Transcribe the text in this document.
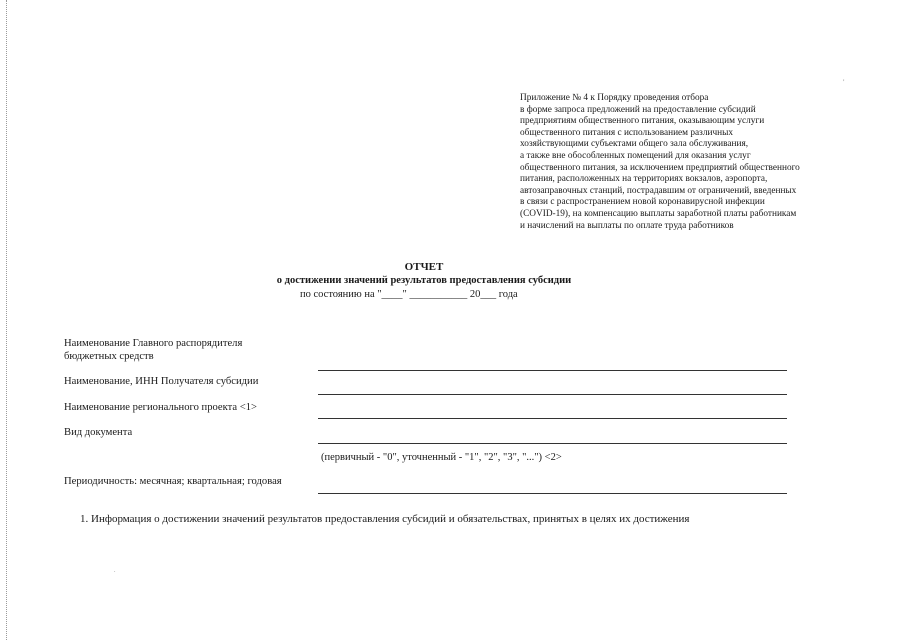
,
.
Приложение № 4 к Порядку проведения отбора
в форме запроса предложений на предоставление субсидий
предприятиям общественного питания, оказывающим услуги
общественного питания с использованием различных
хозяйствующими субъектами общего зала обслуживания,
а также вне обособленных помещений для оказания услуг
общественного питания, за исключением предприятий общественного
питания, расположенных на территориях вокзалов, аэропорта,
автозаправочных станций, пострадавшим от ограничений, введенных
в связи с распространением новой коронавирусной инфекции
(COVID-19), на компенсацию выплаты заработной платы работникам
и начислений на выплаты по оплате труда работников
ОТЧЕТ
о достижении значений результатов предоставления субсидии
по состоянию на "____" ___________ 20___ года
Наименование Главного распорядителя
бюджетных средств
Наименование, ИНН Получателя субсидии
Наименование регионального проекта <1>
Вид документа
(первичный - "0", уточненный - "1", "2", "3", "...") <2>
Периодичность: месячная; квартальная; годовая
1. Информация о достижении значений результатов предоставления субсидий и обязательствах, принятых в целях их достижения
